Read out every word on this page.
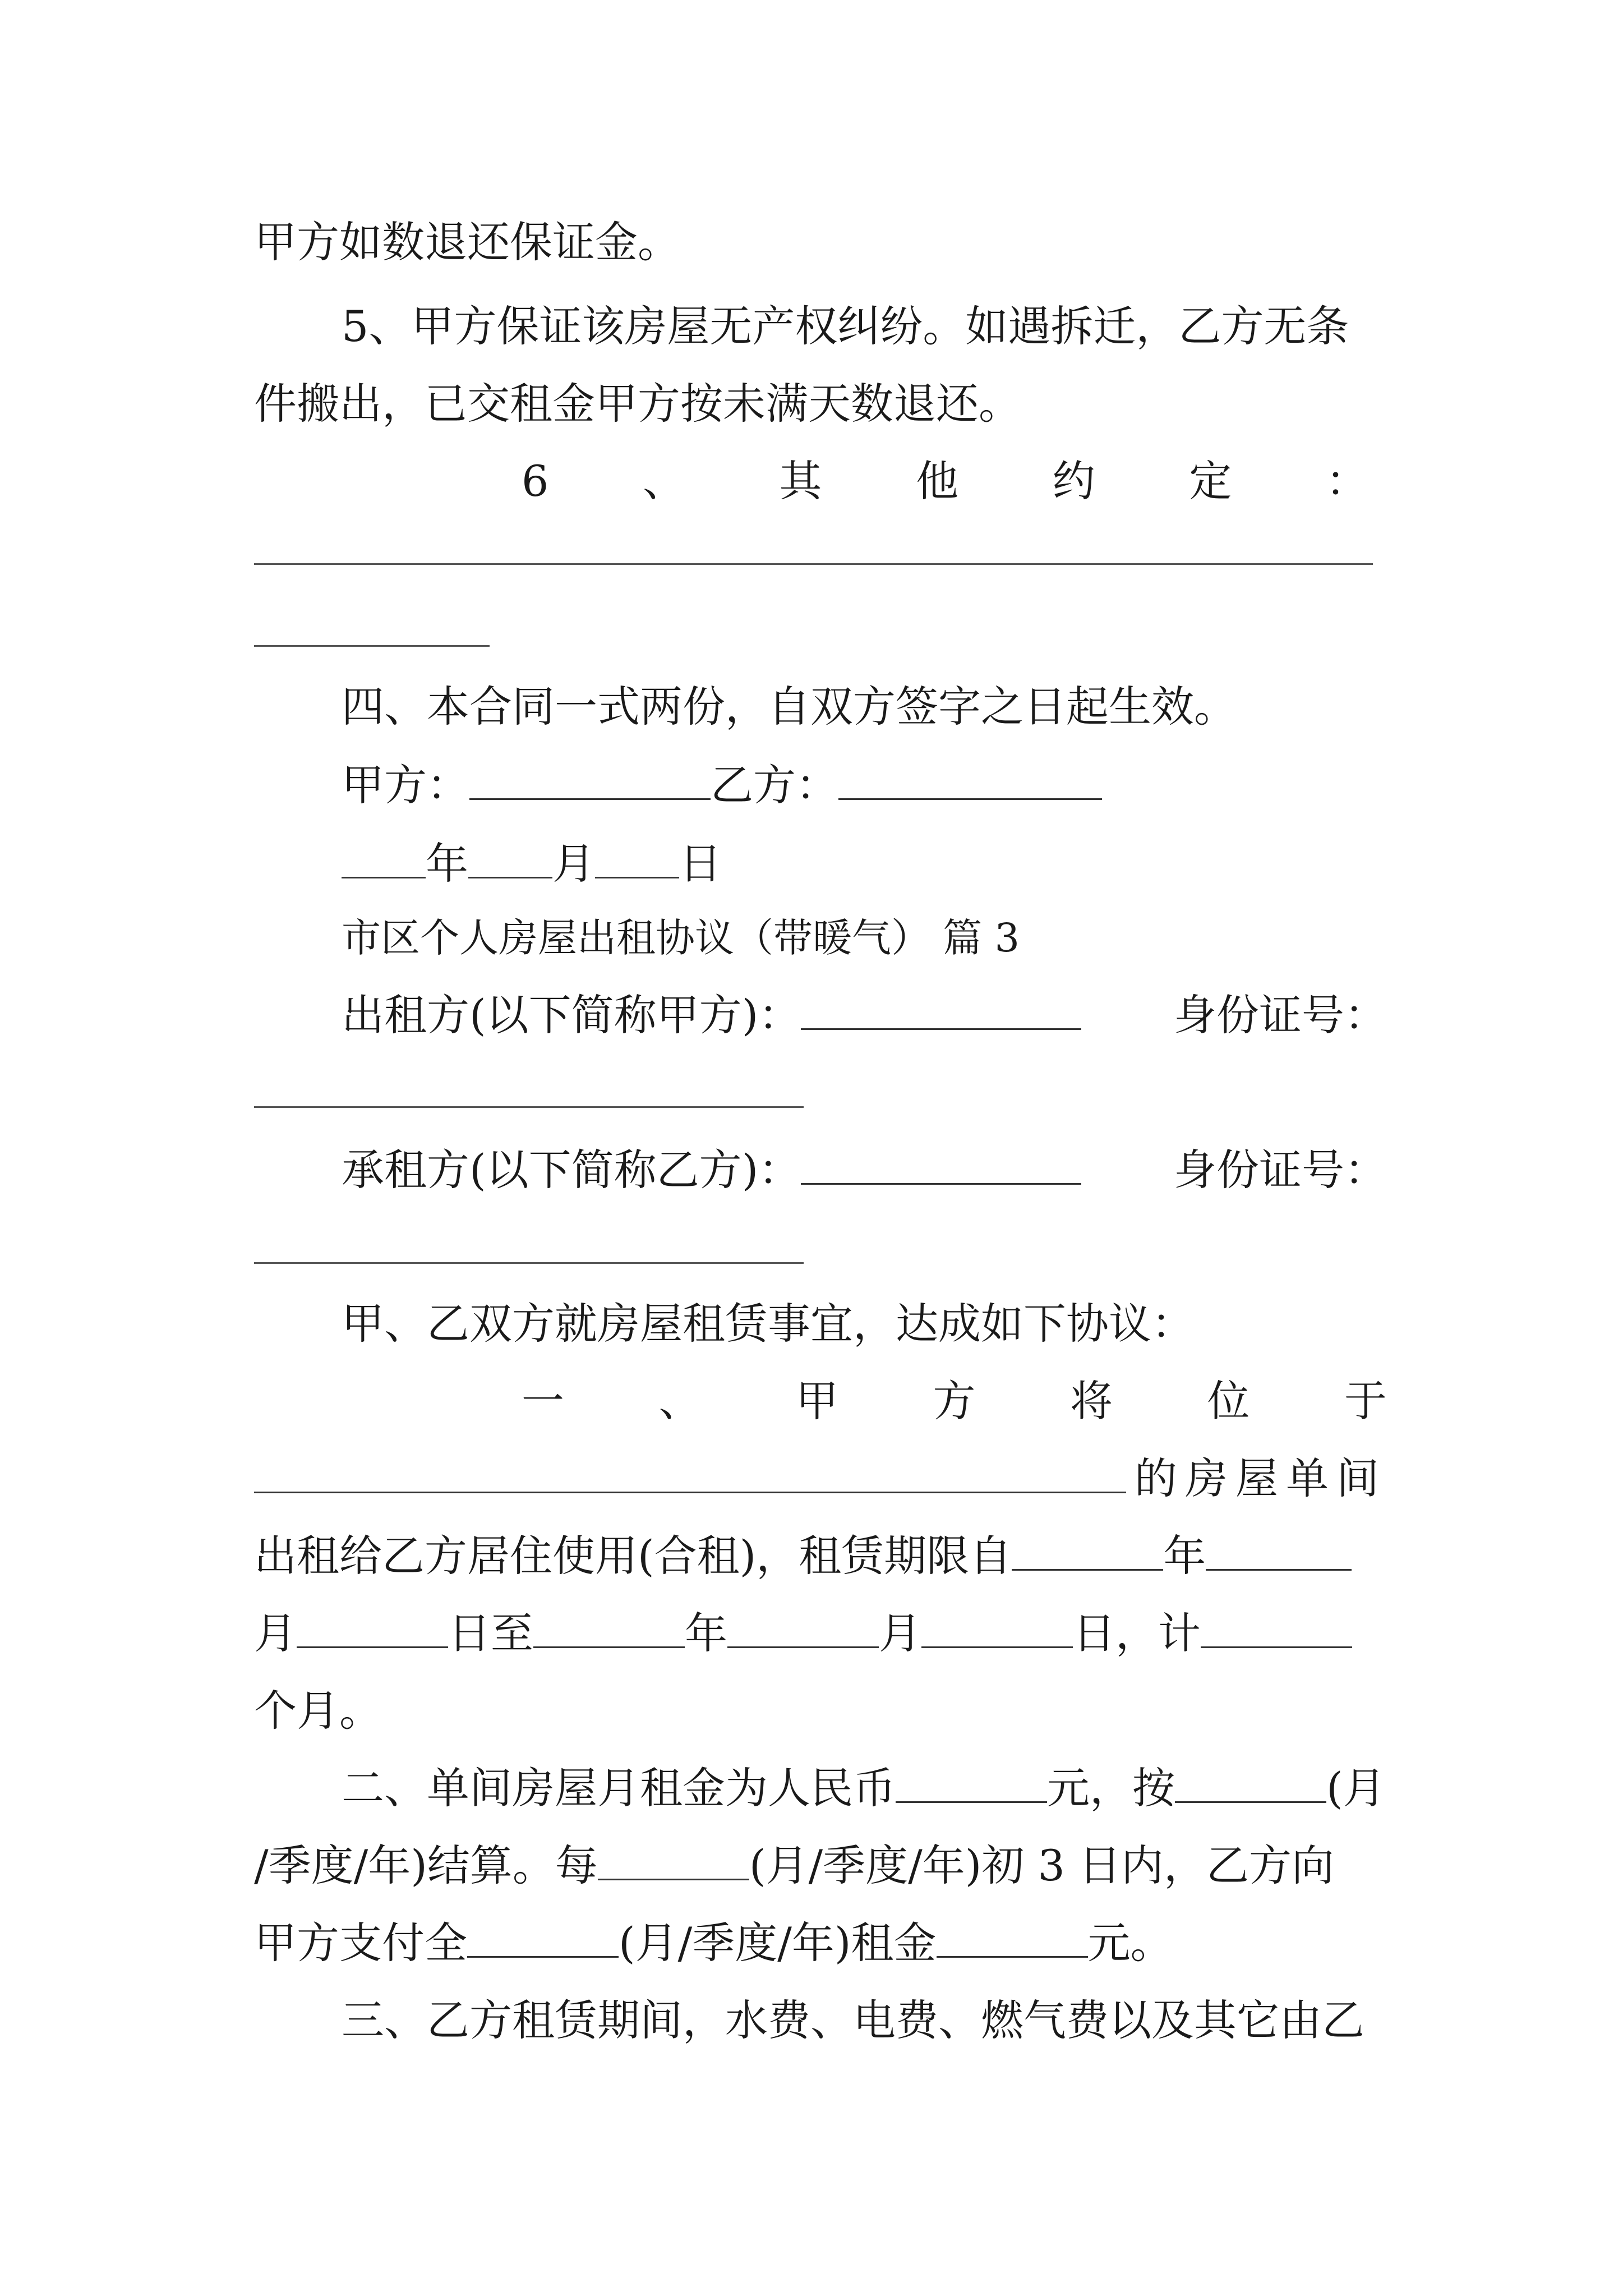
甲方如数退还保证金。
5、甲方保证该房屋无产权纠纷。如遇拆迁，乙方无条
件搬出，已交租金甲方按未满天数退还。
6 、 其 他 约 定 ：
四、本合同一式两份，自双方签字之日起生效。
甲方：	乙方：
年 月 日
市区个人房屋出租协议（带暖气） 篇 3
出租方(以下简称甲方)：	身份证号：
承租方(以下简称乙方)：	身份证号：
甲、乙双方就房屋租赁事宜，达成如下协议：
一 、 甲 方 将 位 于
的房屋单间
出租给乙方居住使用(合租)，租赁期限自	年
月	日至	年	月	日，计
个月。
二、单间房屋月租金为人民币	元，按	(月
/季度/年)结算。每	(月/季度/年)初 3 日内，乙方向
甲方支付全	(月/季度/年)租金	元。
三、乙方租赁期间，水费、电费、燃气费以及其它由乙
